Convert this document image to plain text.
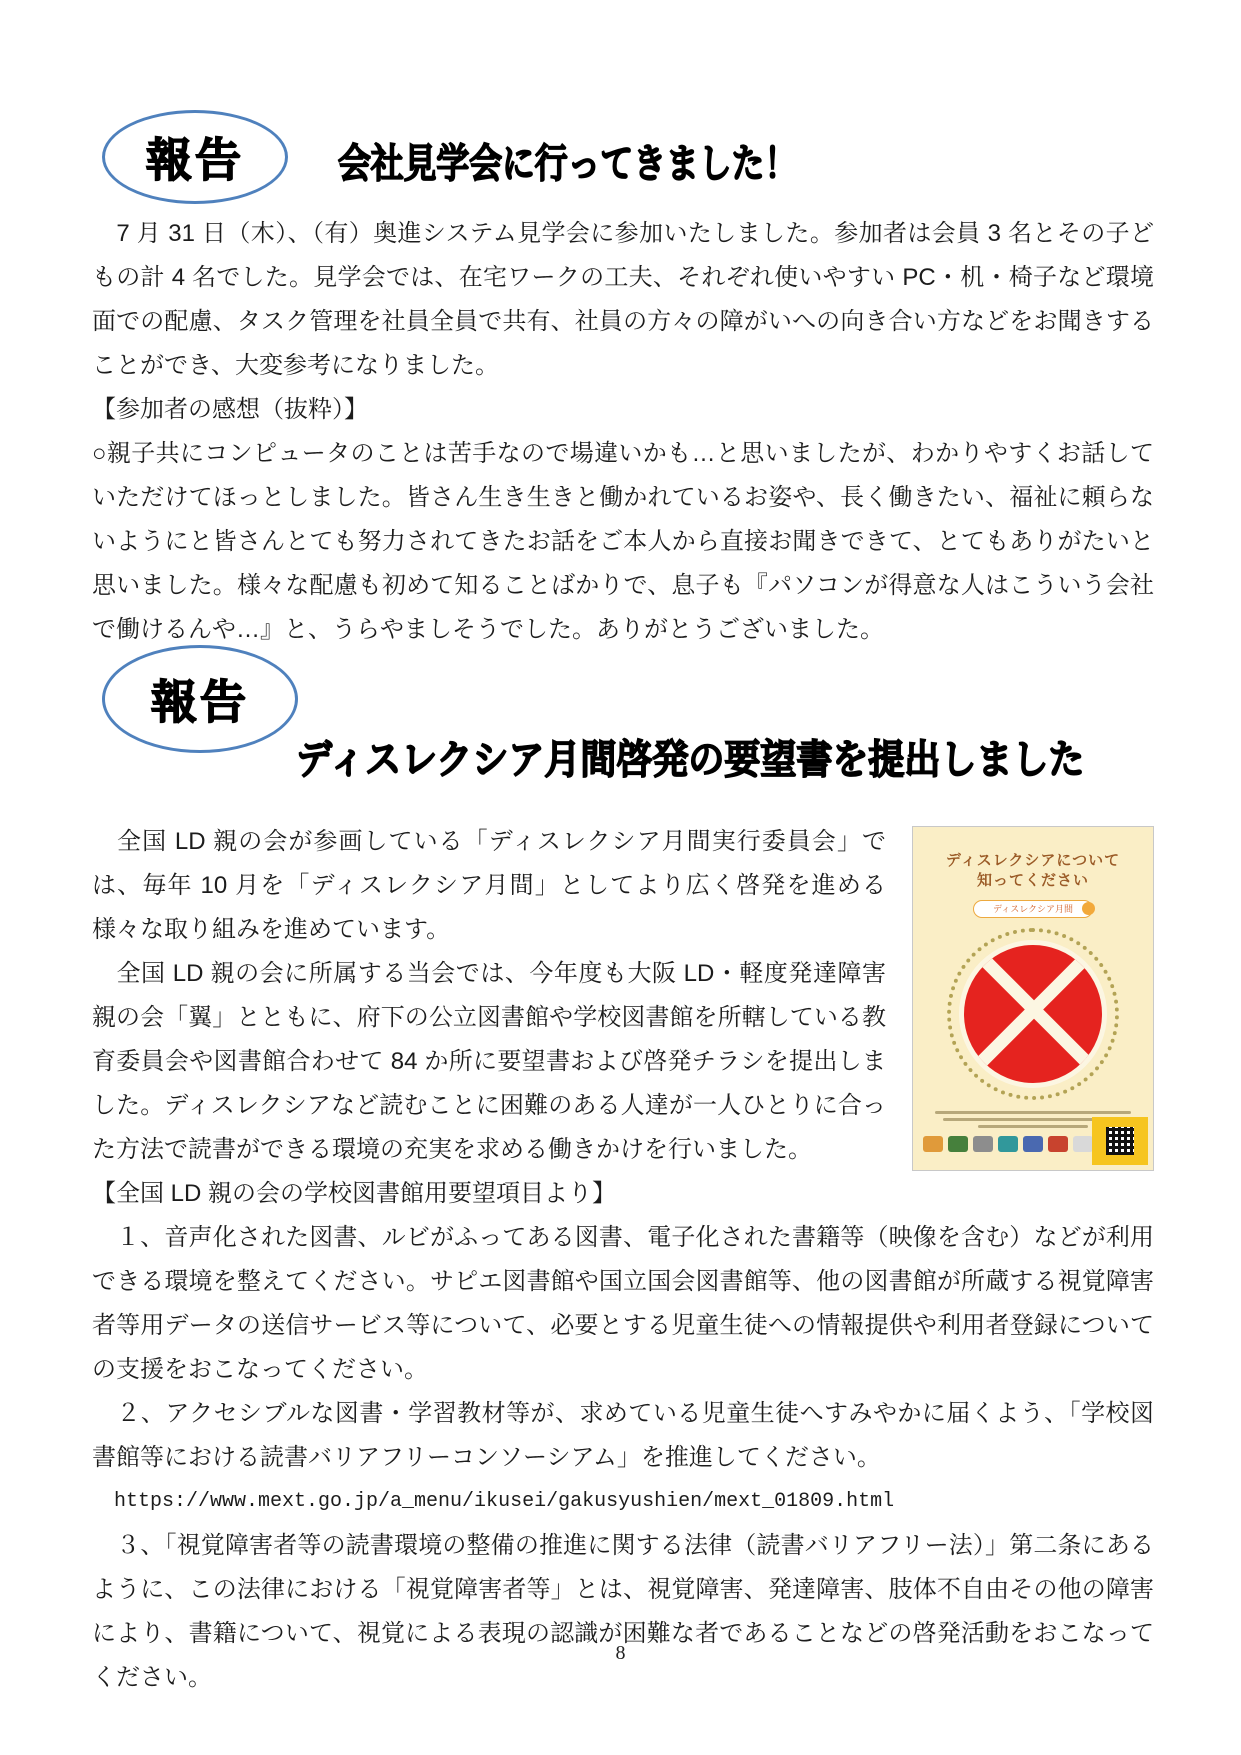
報告 会社見学会に行ってきました！

　7 月 31 日（木）、（有）奥進システム見学会に参加いたしました。参加者は会員 3 名とその子どもの計 4 名でした。見学会では、在宅ワークの工夫、それぞれ使いやすい PC・机・椅子など環境面での配慮、タスク管理を社員全員で共有、社員の方々の障がいへの向き合い方などをお聞きすることができ、大変参考になりました。

【参加者の感想（抜粋）】

○親子共にコンピュータのことは苦手なので場違いかも…と思いましたが、わかりやすくお話していただけてほっとしました。皆さん生き生きと働かれているお姿や、長く働きたい、福祉に頼らないようにと皆さんとても努力されてきたお話をご本人から直接お聞きできて、とてもありがたいと思いました。様々な配慮も初めて知ることばかりで、息子も『パソコンが得意な人はこういう会社で働けるんや…』と、うらやましそうでした。ありがとうございました。

報告
ディスレクシア月間啓発の要望書を提出しました
ディスレクシアについて
知ってください
ディスレクシア月間

　全国 LD 親の会が参画している「ディスレクシア月間実行委員会」では、毎年 10 月を「ディスレクシア月間」としてより広く啓発を進める様々な取り組みを進めています。

　全国 LD 親の会に所属する当会では、今年度も大阪 LD・軽度発達障害親の会「翼」とともに、府下の公立図書館や学校図書館を所轄している教育委員会や図書館合わせて 84 か所に要望書および啓発チラシを提出しました。ディスレクシアなど読むことに困難のある人達が一人ひとりに合った方法で読書ができる環境の充実を求める働きかけを行いました。

【全国 LD 親の会の学校図書館用要望項目より】

　１、音声化された図書、ルビがふってある図書、電子化された書籍等（映像を含む）などが利用できる環境を整えてください。サピエ図書館や国立国会図書館等、他の図書館が所蔵する視覚障害者等用データの送信サービス等について、必要とする児童生徒への情報提供や利用者登録についての支援をおこなってください。

　２、アクセシブルな図書・学習教材等が、求めている児童生徒へすみやかに届くよう、「学校図書館等における読書バリアフリーコンソーシアム」を推進してください。

https://www.mext.go.jp/a_menu/ikusei/gakusyushien/mext_01809.html

　３、「視覚障害者等の読書環境の整備の推進に関する法律（読書バリアフリー法）」第二条にあるように、この法律における「視覚障害者等」とは、視覚障害、発達障害、肢体不自由その他の障害により、書籍について、視覚による表現の認識が困難な者であることなどの啓発活動をおこなってください。

8
